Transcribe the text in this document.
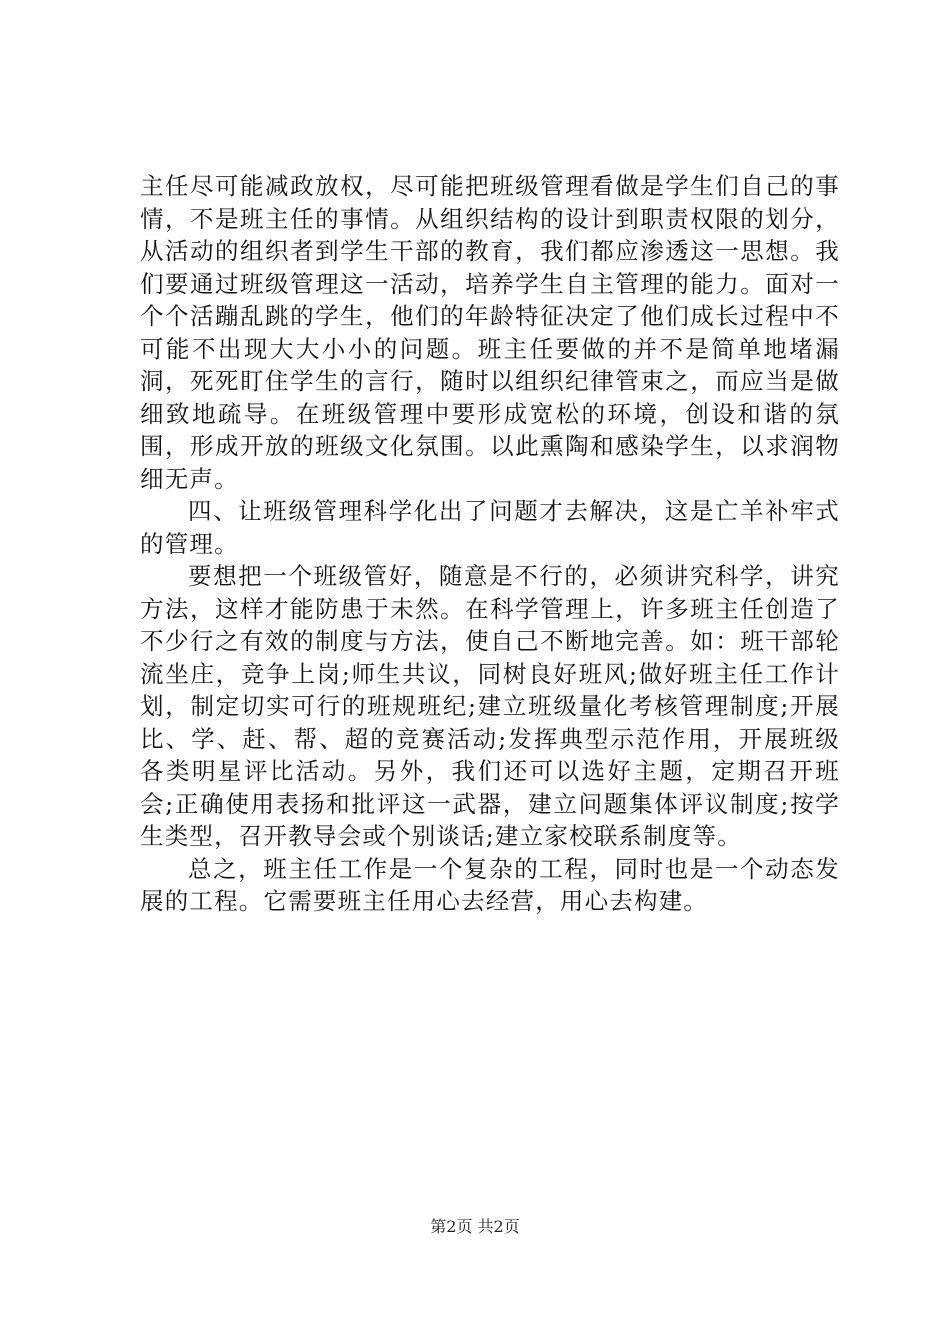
主任尽可能减政放权，尽可能把班级管理看做是学生们自己的事情，不是班主任的事情。从组织结构的设计到职责权限的划分，从活动的组织者到学生干部的教育，我们都应渗透这一思想。我们要通过班级管理这一活动，培养学生自主管理的能力。面对一个个活蹦乱跳的学生，他们的年龄特征决定了他们成长过程中不可能不出现大大小小的问题。班主任要做的并不是简单地堵漏洞，死死盯住学生的言行，随时以组织纪律管束之，而应当是做细致地疏导。在班级管理中要形成宽松的环境，创设和谐的氛围，形成开放的班级文化氛围。以此熏陶和感染学生，以求润物细无声。

四、让班级管理科学化出了问题才去解决，这是亡羊补牢式的管理。

要想把一个班级管好，随意是不行的，必须讲究科学，讲究方法，这样才能防患于未然。在科学管理上，许多班主任创造了不少行之有效的制度与方法，使自己不断地完善。如：班干部轮流坐庄，竞争上岗;师生共议，同树良好班风;做好班主任工作计划，制定切实可行的班规班纪;建立班级量化考核管理制度;开展比、学、赶、帮、超的竞赛活动;发挥典型示范作用，开展班级各类明星评比活动。另外，我们还可以选好主题，定期召开班会;正确使用表扬和批评这一武器，建立问题集体评议制度;按学生类型，召开教导会或个别谈话;建立家校联系制度等。

总之，班主任工作是一个复杂的工程，同时也是一个动态发展的工程。它需要班主任用心去经营，用心去构建。

第2页 共2页
